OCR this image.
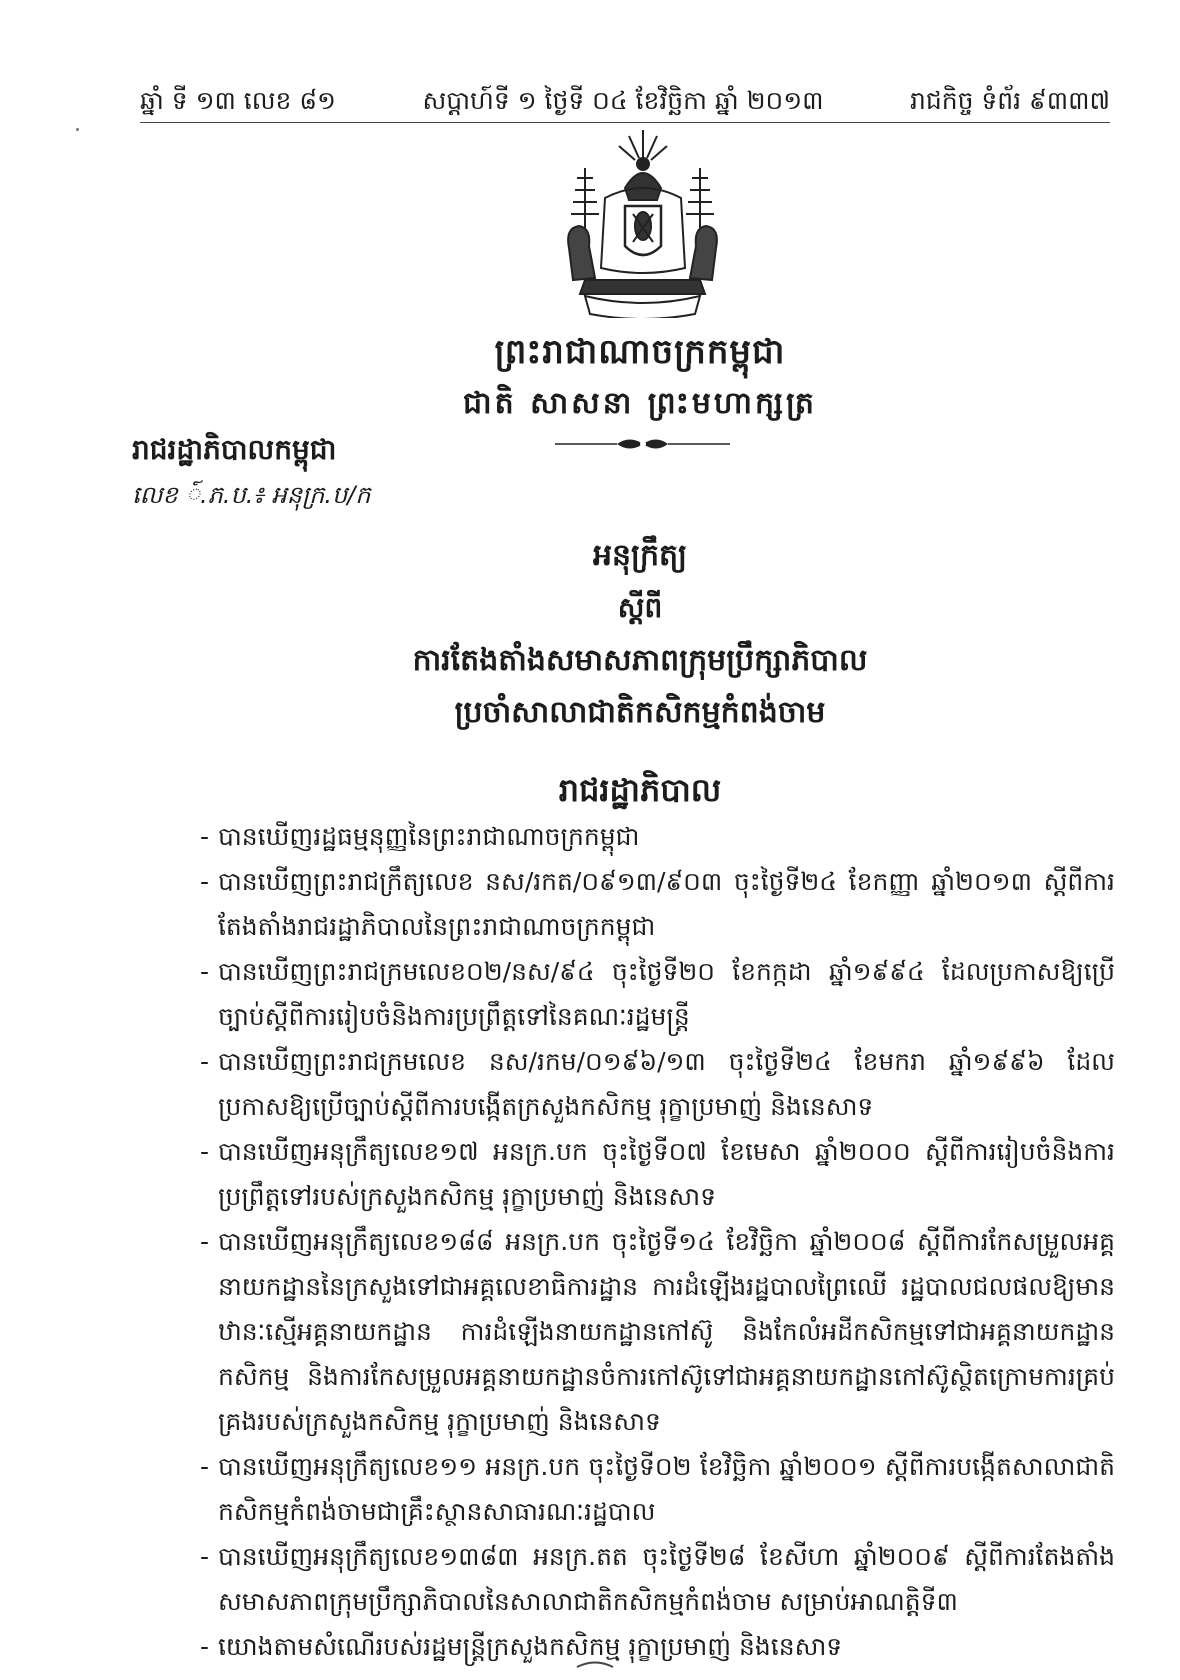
ឆ្នាំ ទី ១៣ លេខ ៨១	សប្ដាហ៍ទី ១ ថ្ងៃទី ០៤ ខែវិច្ឆិកា ឆ្នាំ ២០១៣	រាជកិច្ច ទំព័រ ៩៣៣៧
ព្រះរាជាណាចក្រកម្ពុជា
ជាតិ សាសនា ព្រះមហាក្សត្រ
រាជរដ្ឋាភិបាលកម្ពុជា
លេខ ៍.ភ.ប.៖ អនុក្រ.ប/ក
អនុក្រឹត្យ
ស្ដីពី
ការតែងតាំងសមាសភាពក្រុមប្រឹក្សាភិបាល
ប្រចាំសាលាជាតិកសិកម្មកំពង់ចាម
រាជរដ្ឋាភិបាល
- បានឃើញរដ្ឋធម្មនុញ្ញនៃព្រះរាជាណាចក្រកម្ពុជា
- បានឃើញព្រះរាជក្រឹត្យលេខ នស/រកត/០៩១៣/៩០៣ ចុះថ្ងៃទី២៤ ខែកញ្ញា ឆ្នាំ២០១៣ ស្ដីពីការតែងតាំងរាជរដ្ឋាភិបាលនៃព្រះរាជាណាចក្រកម្ពុជា
- បានឃើញព្រះរាជក្រមលេខ០២/នស/៩៤ ចុះថ្ងៃទី២០ ខែកក្កដា ឆ្នាំ១៩៩៤ ដែលប្រកាសឱ្យប្រើច្បាប់ស្ដីពីការរៀបចំនិងការប្រព្រឹត្តទៅនៃគណៈរដ្ឋមន្ត្រី
- បានឃើញព្រះរាជក្រមលេខ នស/រកម/០១៩៦/១៣ ចុះថ្ងៃទី២៤ ខែមករា ឆ្នាំ១៩៩៦ ដែលប្រកាសឱ្យប្រើច្បាប់ស្ដីពីការបង្កើតក្រសួងកសិកម្ម រុក្ខាប្រមាញ់ និងនេសាទ
- បានឃើញអនុក្រឹត្យលេខ១៧ អនក្រ.បក ចុះថ្ងៃទី០៧ ខែមេសា ឆ្នាំ២០០០ ស្ដីពីការរៀបចំនិងការប្រព្រឹត្តទៅរបស់ក្រសួងកសិកម្ម រុក្ខាប្រមាញ់ និងនេសាទ
- បានឃើញអនុក្រឹត្យលេខ១៨៨ អនក្រ.បក ចុះថ្ងៃទី១៤ ខែវិច្ឆិកា ឆ្នាំ២០០៨ ស្ដីពីការកែសម្រួលអគ្គនាយកដ្ឋាននៃក្រសួងទៅជាអគ្គលេខាធិការដ្ឋាន ការដំឡើងរដ្ឋបាលព្រៃឈើ រដ្ឋបាលជលផលឱ្យមានឋានៈស្មើអគ្គនាយកដ្ឋាន ការដំឡើងនាយកដ្ឋានកៅស៊ូ និងកែលំអដីកសិកម្មទៅជាអគ្គនាយកដ្ឋានកសិកម្ម និងការកែសម្រួលអគ្គនាយកដ្ឋានចំការកៅស៊ូទៅជាអគ្គនាយកដ្ឋានកៅស៊ូស្ថិតក្រោមការគ្រប់គ្រងរបស់ក្រសួងកសិកម្ម រុក្ខាប្រមាញ់ និងនេសាទ
- បានឃើញអនុក្រឹត្យលេខ១១ អនក្រ.បក ចុះថ្ងៃទី០២ ខែវិច្ឆិកា ឆ្នាំ២០០១ ស្ដីពីការបង្កើតសាលាជាតិកសិកម្មកំពង់ចាមជាគ្រឹះស្ថានសាធារណៈរដ្ឋបាល
- បានឃើញអនុក្រឹត្យលេខ១៣៨៣ អនក្រ.តត ចុះថ្ងៃទី២៨ ខែសីហា ឆ្នាំ២០០៩ ស្ដីពីការតែងតាំងសមាសភាពក្រុមប្រឹក្សាភិបាលនៃសាលាជាតិកសិកម្មកំពង់ចាម សម្រាប់អាណត្តិទី៣
- យោងតាមសំណើរបស់រដ្ឋមន្ត្រីក្រសួងកសិកម្ម រុក្ខាប្រមាញ់ និងនេសាទ
